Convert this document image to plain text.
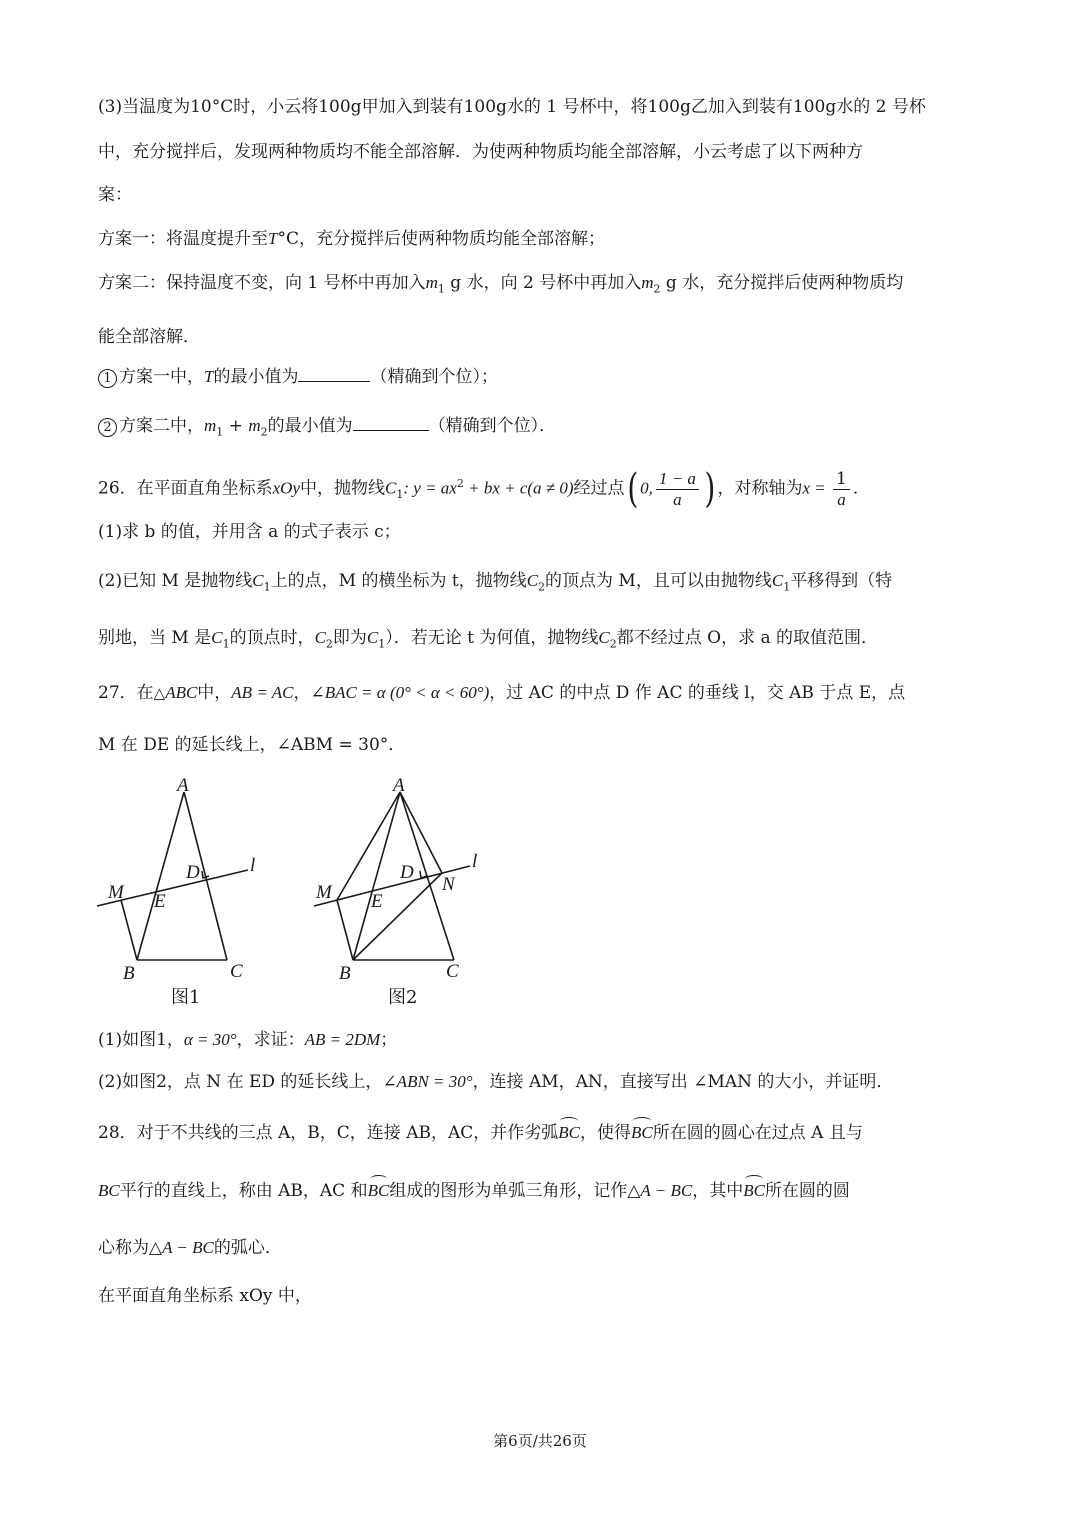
(3)当温度为10°C时，小云将100g甲加入到装有100g水的 1 号杯中，将100g乙加入到装有100g水的 2 号杯
中，充分搅拌后，发现两种物质均不能全部溶解．为使两种物质均能全部溶解，小云考虑了以下两种方
案：
方案一：将温度提升至T°C，充分搅拌后使两种物质均能全部溶解；
方案二：保持温度不变，向 1 号杯中再加入$m_1$ g 水，向 2 号杯中再加入$m_2$ g 水，充分搅拌后使两种物质均
能全部溶解．
1 方案一中，T的最小值为	（精确到个位）；
2 方案二中，$m_1 + m_2$的最小值为	（精确到个位）．
26．在平面直角坐标系xOy中，抛物线$C_1$: $y = ax^2$ + bx + c(a ≠ 0)经过点( 0, $\frac{1 - a}{a}$ ) ，对称轴为$x = \frac{1}{a}$ ．
(1)求 b 的值，并用含 a 的式子表示 c；
(2)已知 M 是抛物线$C_1$上的点，M 的横坐标为 t，抛物线$C_2$的顶点为 M，且可以由抛物线$C_1$平移得到（特
别地，当 M 是$C_1$的顶点时，$C_2$即为$C_1$）．若无论 t 为何值，抛物线$C_2$都不经过点 O，求 a 的取值范围．
27．在△ABC中，AB = AC，∠BAC = α (0° < α < 60°)，过 AC 的中点 D 作 AC 的垂线 l，交 AB 于点 E，点
M 在 DE 的延长线上，∠ABM = 30°．
A
B	C
D
E
M
l
图1
A
B	C
D
E
M	N
l
图2
(1)如图1，α = 30°，求证：AB = 2DM；
(2)如图2，点 N 在 ED 的延长线上，∠ABN = 30°，连接 AM，AN，直接写出 ∠MAN 的大小，并证明．
28．对于不共线的三点 A，B，C，连接 AB，AC，并作劣弧BC，使得BC所在圆的圆心在过点 A 且与
BC平行的直线上，称由 AB，AC 和BC组成的图形为单弧三角形，记作△A − BC，其中BC所在圆的圆
心称为△A − BC的弧心．
在平面直角坐标系 xOy 中，
第6页/共26页
